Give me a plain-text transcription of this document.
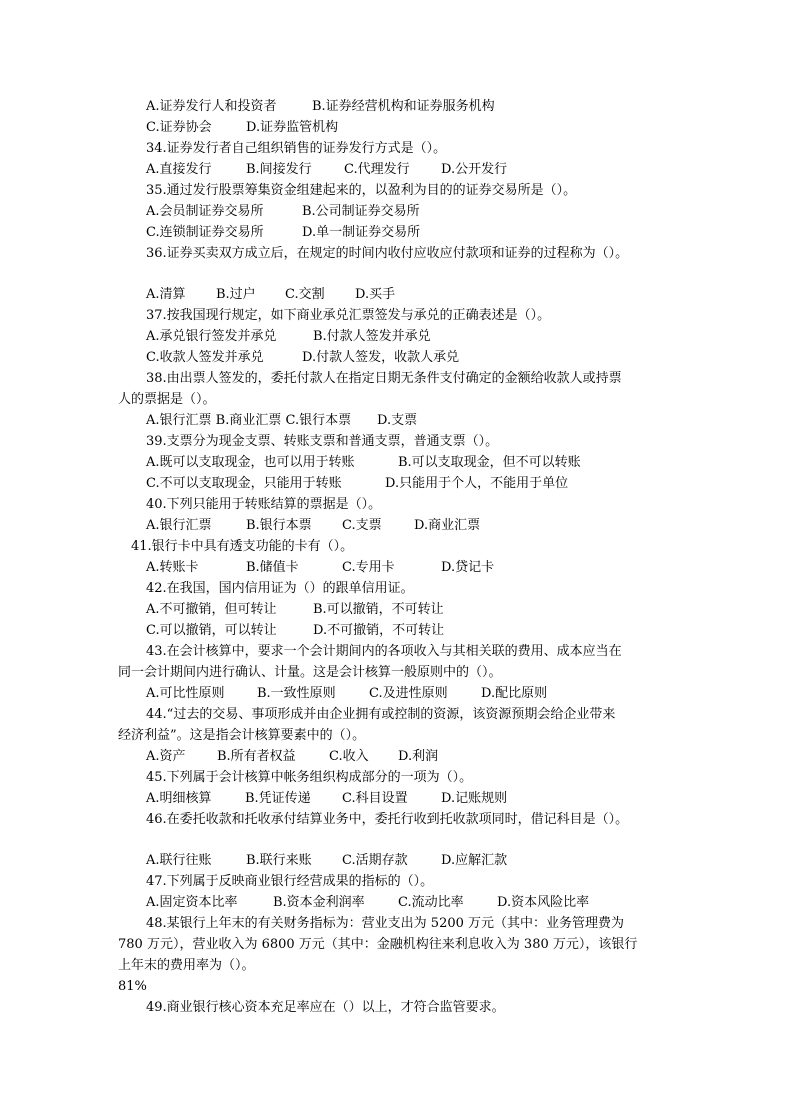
A.证券发行人和投资者	B.证券经营机构和证券服务机构
C.证券协会	D.证券监管机构
34.证券发行者自己组织销售的证券发行方式是（）。
A.直接发行	B.间接发行 C.代理发行 D.公开发行
35.通过发行股票筹集资金组建起来的，以盈利为目的的证券交易所是（）。
A.会员制证券交易所	B.公司制证券交易所
C.连锁制证券交易所	D.单一制证券交易所
36.证券买卖双方成立后，在规定的时间内收付应收应付款项和证券的过程称为（）。
A.清算 B.过户 C.交割 D.买手
37.按我国现行规定，如下商业承兑汇票签发与承兑的正确表述是（）。
A.承兑银行签发并承兑	B.付款人签发并承兑
C.收款人签发并承兑	D.付款人签发，收款人承兑
38.由出票人签发的，委托付款人在指定日期无条件支付确定的金额给收款人或持票
人的票据是（）。
A.银行汇票 B.商业汇票 C.银行本票 D.支票
39.支票分为现金支票、转账支票和普通支票，普通支票（）。
A.既可以支取现金，也可以用于转账	B.可以支取现金，但不可以转账
C.不可以支取现金，只能用于转账	D.只能用于个人，不能用于单位
40.下列只能用于转账结算的票据是（）。
A.银行汇票	B.银行本票 C.支票 D.商业汇票
41.银行卡中具有透支功能的卡有（）。
A.转账卡	B.储值卡	C.专用卡	D.贷记卡
42.在我国，国内信用证为（）的跟单信用证。
A.不可撤销，但可转让	B.可以撤销，不可转让
C.可以撤销，可以转让	D.不可撤销，不可转让
43.在会计核算中，要求一个会计期间内的各项收入与其相关联的费用、成本应当在
同一会计期间内进行确认、计量。这是会计核算一般原则中的（）。
A.可比性原则 B.一致性原则	C.及进性原则	D.配比原则
44.“过去的交易、事项形成并由企业拥有或控制的资源，该资源预期会给企业带来
经济利益”。这是指会计核算要素中的（）。
A.资产 B.所有者权益	C.收入 D.利润
45.下列属于会计核算中帐务组织构成部分的一项为（）。
A.明细核算	B.凭证传递 C.科目设置	D.记账规则
46.在委托收款和托收承付结算业务中，委托行收到托收款项同时，借记科目是（）。
A.联行往账	B.联行来账 C.活期存款	D.应解汇款
47.下列属于反映商业银行经营成果的指标的（）。
A.固定资本比率	B.资本金利润率	C.流动比率	D.资本风险比率
48.某银行上年末的有关财务指标为：营业支出为 5200 万元（其中：业务管理费为
780 万元），营业收入为 6800 万元（其中：金融机构往来利息收入为 380 万元），该银行
上年末的费用率为（）。
81%
49.商业银行核心资本充足率应在（）以上，才符合监管要求。
